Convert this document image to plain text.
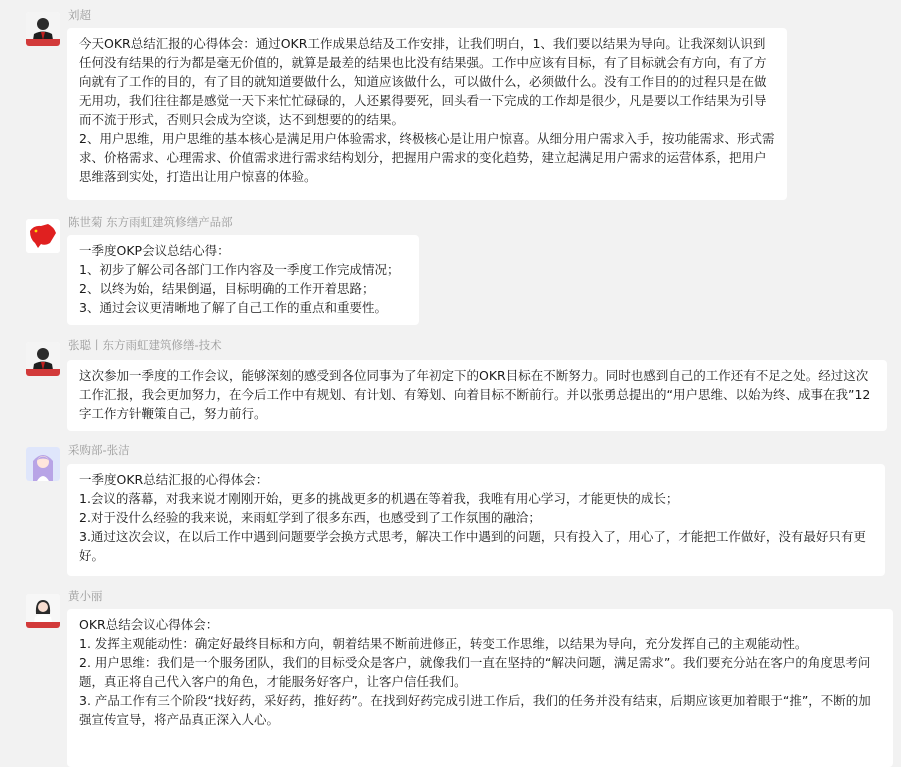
刘超
今天OKR总结汇报的心得体会：通过OKR工作成果总结及工作安排，让我们明白，1、我们要以结果为导向。让我深刻认识到任何没有结果的行为都是毫无价值的，就算是最差的结果也比没有结果强。工作中应该有目标，有了目标就会有方向，有了方向就有了工作的目的，有了目的就知道要做什么，知道应该做什么，可以做什么，必须做什么。没有工作目的的过程只是在做无用功，我们往往都是感觉一天下来忙忙碌碌的，人还累得要死，回头看一下完成的工作却是很少，凡是要以工作结果为引导而不流于形式，否则只会成为空谈，达不到想要的的结果。
2、用户思维，用户思维的基本核心是满足用户体验需求，终极核心是让用户惊喜。从细分用户需求入手，按功能需求、形式需求、价格需求、心理需求、价值需求进行需求结构划分，把握用户需求的变化趋势，建立起满足用户需求的运营体系，把用户思维落到实处，打造出让用户惊喜的体验。
陈世菊 东方雨虹建筑修缮产品部
一季度OKP会议总结心得：
1、初步了解公司各部门工作内容及一季度工作完成情况；
2、以终为始，结果倒逼，目标明确的工作开着思路；
3、通过会议更清晰地了解了自己工作的重点和重要性。
张聪丨东方雨虹建筑修缮-技术
这次参加一季度的工作会议，能够深刻的感受到各位同事为了年初定下的OKR目标在不断努力。同时也感到自己的工作还有不足之处。经过这次工作汇报，我会更加努力，在今后工作中有规划、有计划、有筹划、向着目标不断前行。并以张勇总提出的“用户思维、以始为终、成事在我”12字工作方针鞭策自己，努力前行。
采购部-张洁
一季度OKR总结汇报的心得体会：
1.会议的落幕，对我来说才刚刚开始，更多的挑战更多的机遇在等着我，我唯有用心学习，才能更快的成长；
2.对于没什么经验的我来说，来雨虹学到了很多东西，也感受到了工作氛围的融洽；
3.通过这次会议，在以后工作中遇到问题要学会换方式思考，解决工作中遇到的问题，只有投入了，用心了，才能把工作做好，没有最好只有更好。
黄小丽
OKR总结会议心得体会：
1. 发挥主观能动性：确定好最终目标和方向，朝着结果不断前进修正，转变工作思维，以结果为导向，充分发挥自己的主观能动性。
2. 用户思维：我们是一个服务团队，我们的目标受众是客户，就像我们一直在坚持的“解决问题，满足需求”。我们要充分站在客户的角度思考问题，真正将自己代入客户的角色，才能服务好客户，让客户信任我们。
3. 产品工作有三个阶段“找好药，采好药，推好药”。在找到好药完成引进工作后，我们的任务并没有结束，后期应该更加着眼于“推”，不断的加强宣传宣导，将产品真正深入人心。
